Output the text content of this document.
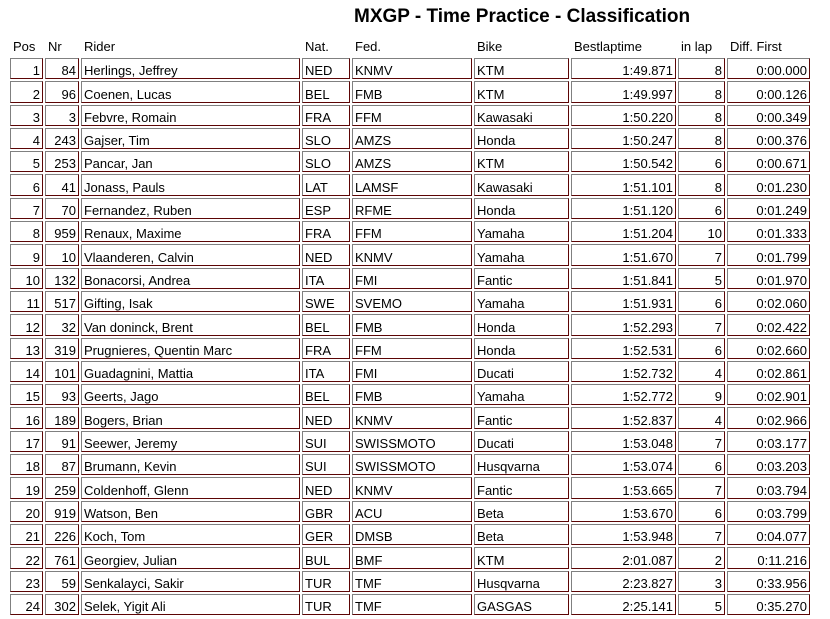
MXGP - Time Practice - Classification
Pos	Nr	Rider	Nat.	Fed.	Bike	Bestlaptime	in lap	Diff. First
1	84	Herlings, Jeffrey	NED	KNMV	KTM	1:49.871	8	0:00.000
2	96	Coenen, Lucas	BEL	FMB	KTM	1:49.997	8	0:00.126
3	3	Febvre, Romain	FRA	FFM	Kawasaki	1:50.220	8	0:00.349
4	243	Gajser, Tim	SLO	AMZS	Honda	1:50.247	8	0:00.376
5	253	Pancar, Jan	SLO	AMZS	KTM	1:50.542	6	0:00.671
6	41	Jonass, Pauls	LAT	LAMSF	Kawasaki	1:51.101	8	0:01.230
7	70	Fernandez, Ruben	ESP	RFME	Honda	1:51.120	6	0:01.249
8	959	Renaux, Maxime	FRA	FFM	Yamaha	1:51.204	10	0:01.333
9	10	Vlaanderen, Calvin	NED	KNMV	Yamaha	1:51.670	7	0:01.799
10	132	Bonacorsi, Andrea	ITA	FMI	Fantic	1:51.841	5	0:01.970
11	517	Gifting, Isak	SWE	SVEMO	Yamaha	1:51.931	6	0:02.060
12	32	Van doninck, Brent	BEL	FMB	Honda	1:52.293	7	0:02.422
13	319	Prugnieres, Quentin Marc	FRA	FFM	Honda	1:52.531	6	0:02.660
14	101	Guadagnini, Mattia	ITA	FMI	Ducati	1:52.732	4	0:02.861
15	93	Geerts, Jago	BEL	FMB	Yamaha	1:52.772	9	0:02.901
16	189	Bogers, Brian	NED	KNMV	Fantic	1:52.837	4	0:02.966
17	91	Seewer, Jeremy	SUI	SWISSMOTO	Ducati	1:53.048	7	0:03.177
18	87	Brumann, Kevin	SUI	SWISSMOTO	Husqvarna	1:53.074	6	0:03.203
19	259	Coldenhoff, Glenn	NED	KNMV	Fantic	1:53.665	7	0:03.794
20	919	Watson, Ben	GBR	ACU	Beta	1:53.670	6	0:03.799
21	226	Koch, Tom	GER	DMSB	Beta	1:53.948	7	0:04.077
22	761	Georgiev, Julian	BUL	BMF	KTM	2:01.087	2	0:11.216
23	59	Senkalayci, Sakir	TUR	TMF	Husqvarna	2:23.827	3	0:33.956
24	302	Selek, Yigit Ali	TUR	TMF	GASGAS	2:25.141	5	0:35.270
